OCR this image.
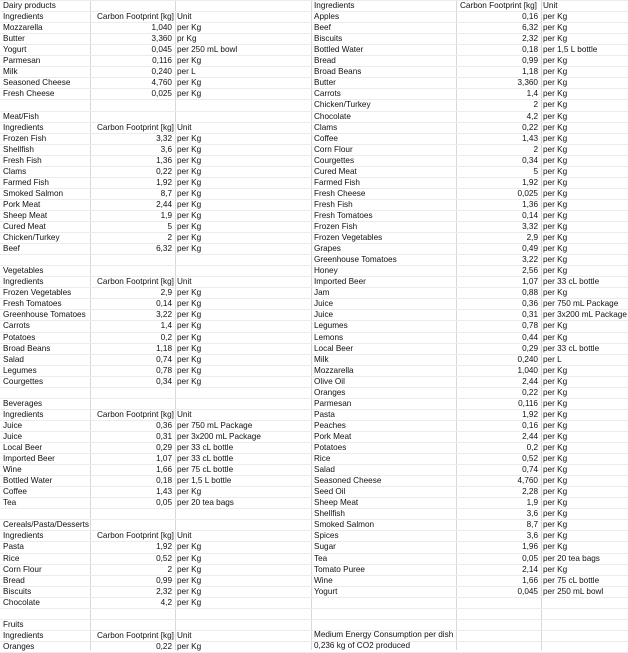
Dairy products
Ingredients	Carbon Footprint [kg] Unit
Mozzarella	1,040 per Kg
Butter	3,360 pr Kg
Yogurt	0,045 per 250 mL bowl
Parmesan	0,116 per Kg
Milk	0,240 per L
Seasoned Cheese	4,760 per Kg
Fresh Cheese	0,025 per Kg
Meat/Fish
Ingredients	Carbon Footprint [kg] Unit
Frozen Fish	3,32 per Kg
Shellfish	3,6 per Kg
Fresh Fish	1,36 per Kg
Clams	0,22 per Kg
Farmed Fish	1,92 per Kg
Smoked Salmon	8,7 per Kg
Pork Meat	2,44 per Kg
Sheep Meat	1,9 per Kg
Cured Meat	5 per Kg
Chicken/Turkey	2 per Kg
Beef	6,32 per Kg
Vegetables
Ingredients	Carbon Footprint [kg] Unit
Frozen Vegetables	2,9 per Kg
Fresh Tomatoes	0,14 per Kg
Greenhouse Tomatoes	3,22 per Kg
Carrots	1,4 per Kg
Potatoes	0,2 per Kg
Broad Beans	1,18 per Kg
Salad	0,74 per Kg
Legumes	0,78 per Kg
Courgettes	0,34 per Kg
Beverages
Ingredients	Carbon Footprint [kg] Unit
Juice	0,36 per 750 mL Package
Juice	0,31 per 3x200 mL Package
Local Beer	0,29 per 33 cL bottle
Imported Beer	1,07 per 33 cL bottle
Wine	1,66 per 75 cL bottle
Bottled Water	0,18 per 1,5 L bottle
Coffee	1,43 per Kg
Tea	0,05 per 20 tea bags
Cereals/Pasta/Desserts
Ingredients	Carbon Footprint [kg] Unit
Pasta	1,92 per Kg
Rice	0,52 per Kg
Corn Flour	2 per Kg
Bread	0,99 per Kg
Biscuits	2,32 per Kg
Chocolate	4,2 per Kg
Fruits
Ingredients	Carbon Footprint [kg] Unit
Oranges	0,22 per Kg
Ingredients	Carbon Footprint [kg] Unit
Apples	0,16 per Kg
Beef	6,32 per Kg
Biscuits	2,32 per Kg
Bottled Water	0,18 per 1,5 L bottle
Bread	0,99 per Kg
Broad Beans	1,18 per Kg
Butter	3,360 per Kg
Carrots	1,4 per Kg
Chicken/Turkey	2 per Kg
Chocolate	4,2 per Kg
Clams	0,22 per Kg
Coffee	1,43 per Kg
Corn Flour	2 per Kg
Courgettes	0,34 per Kg
Cured Meat	5 per Kg
Farmed Fish	1,92 per Kg
Fresh Cheese	0,025 per Kg
Fresh Fish	1,36 per Kg
Fresh Tomatoes	0,14 per Kg
Frozen Fish	3,32 per Kg
Frozen Vegetables	2,9 per Kg
Grapes	0,49 per Kg
Greenhouse Tomatoes	3,22 per Kg
Honey	2,56 per Kg
Imported Beer	1,07 per 33 cL bottle
Jam	0,88 per Kg
Juice	0,36 per 750 mL Package
Juice	0,31 per 3x200 mL Package
Legumes	0,78 per Kg
Lemons	0,44 per Kg
Local Beer	0,29 per 33 cL bottle
Milk	0,240 per L
Mozzarella	1,040 per Kg
Olive Oil	2,44 per Kg
Oranges	0,22 per Kg
Parmesan	0,116 per Kg
Pasta	1,92 per Kg
Peaches	0,16 per Kg
Pork Meat	2,44 per Kg
Potatoes	0,2 per Kg
Rice	0,52 per Kg
Salad	0,74 per Kg
Seasoned Cheese	4,760 per Kg
Seed Oil	2,28 per Kg
Sheep Meat	1,9 per Kg
Shellfish	3,6 per Kg
Smoked Salmon	8,7 per Kg
Spices	3,6 per Kg
Sugar	1,96 per Kg
Tea	0,05 per 20 tea bags
Tomato Puree	2,14 per Kg
Wine	1,66 per 75 cL bottle
Yogurt	0,045 per 250 mL bowl
Medium Energy Consumption per dish
0,236 kg of CO2 produced
